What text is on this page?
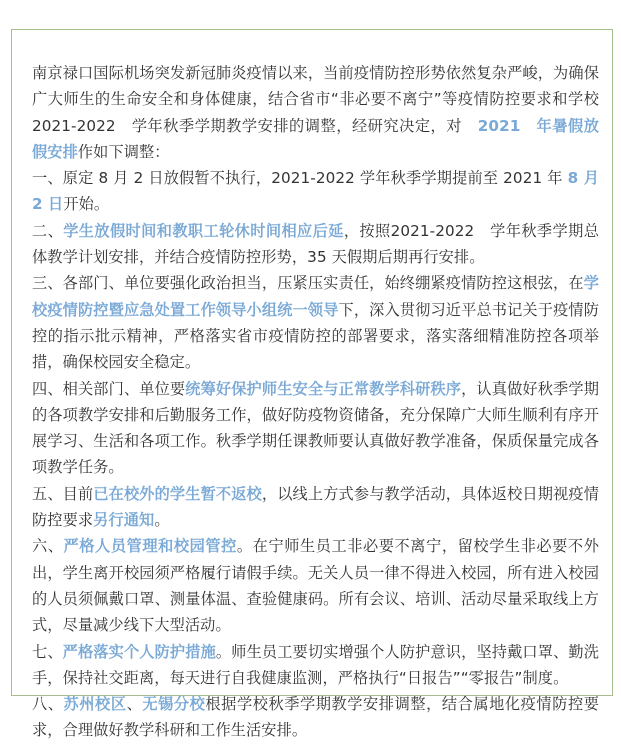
南京禄口国际机场突发新冠肺炎疫情以来，当前疫情防控形势依然复杂严峻，为确保广大师生的生命安全和身体健康，结合省市“非必要不离宁”等疫情防控要求和学校　2021-2022　学年秋季学期教学安排的调整，经研究决定，对　2021　年暑假放假安排作如下调整：

一、原定 8 月 2 日放假暂不执行，2021-2022 学年秋季学期提前至 2021 年 8 月 2 日开始。

二、学生放假时间和教职工轮休时间相应后延，按照2021-2022　学年秋季学期总体教学计划安排，并结合疫情防控形势，35 天假期后期再行安排。

三、各部门、单位要强化政治担当，压紧压实责任，始终绷紧疫情防控这根弦，在学校疫情防控暨应急处置工作领导小组统一领导下，深入贯彻习近平总书记关于疫情防控的指示批示精神，严格落实省市疫情防控的部署要求，落实落细精准防控各项举措，确保校园安全稳定。

四、相关部门、单位要统筹好保护师生安全与正常教学科研秩序，认真做好秋季学期的各项教学安排和后勤服务工作，做好防疫物资储备，充分保障广大师生顺利有序开展学习、生活和各项工作。秋季学期任课教师要认真做好教学准备，保质保量完成各项教学任务。

五、目前已在校外的学生暂不返校，以线上方式参与教学活动，具体返校日期视疫情防控要求另行通知。

六、严格人员管理和校园管控。在宁师生员工非必要不离宁，留校学生非必要不外出，学生离开校园须严格履行请假手续。无关人员一律不得进入校园，所有进入校园的人员须佩戴口罩、测量体温、查验健康码。所有会议、培训、活动尽量采取线上方式，尽量减少线下大型活动。

七、严格落实个人防护措施。师生员工要切实增强个人防护意识，坚持戴口罩、勤洗手，保持社交距离，每天进行自我健康监测，严格执行“日报告”“零报告”制度。

八、苏州校区、无锡分校根据学校秋季学期教学安排调整，结合属地化疫情防控要求，合理做好教学科研和工作生活安排。
